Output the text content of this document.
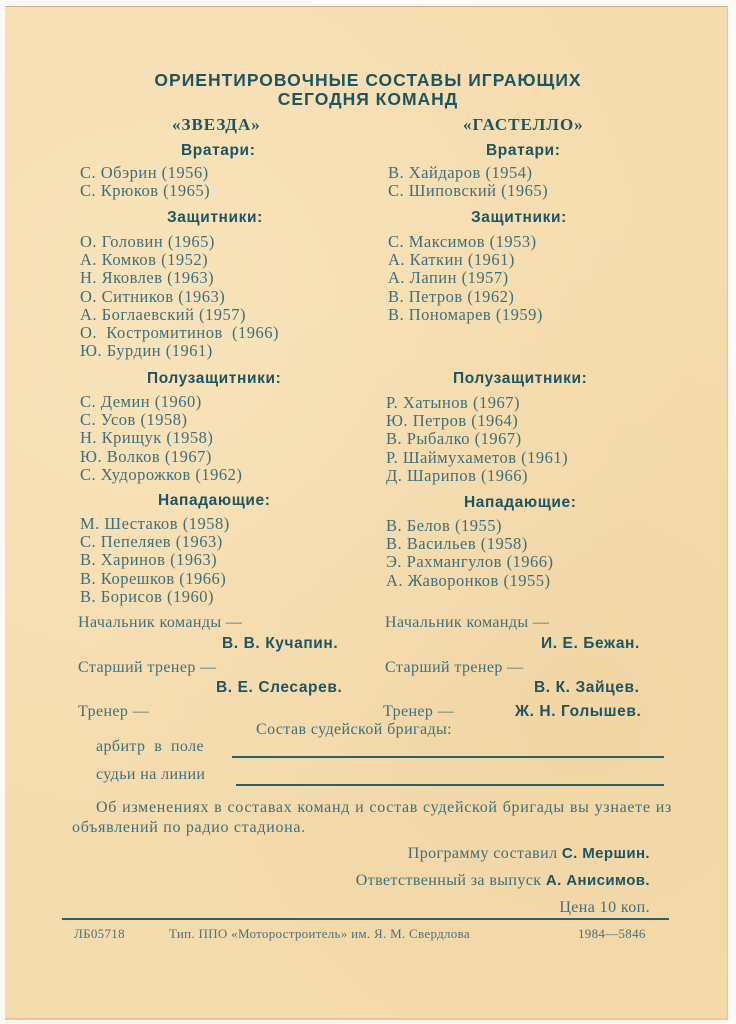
ОРИЕНТИРОВОЧНЫЕ СОСТАВЫ ИГРАЮЩИХ
СЕГОДНЯ КОМАНД
«ЗВЕЗДА»	«ГАСТЕЛЛО»
Вратари:
С. Обэрин (1956)
С. Крюков (1965)
Защитники:
О. Головин (1965)
А. Комков (1952)
Н. Яковлев (1963)
О. Ситников (1963)
А. Боглаевский (1957)
О.  Костромитинов  (1966)
Ю. Бурдин (1961)
Полузащитники:
С. Демин (1960)
С. Усов (1958)
Н. Крищук (1958)
Ю. Волков (1967)
С. Худорожков (1962)
Нападающие:
М. Шестаков (1958)
С. Пепеляев (1963)
В. Харинов (1963)
В. Корешков (1966)
В. Борисов (1960)
Начальник команды —
В. В. Кучапин.
Старший тренер —
В. Е. Слесарев.
Тренер —
Вратари:
В. Хайдаров (1954)
С. Шиповский (1965)
Защитники:
С. Максимов (1953)
А. Каткин (1961)
А. Лапин (1957)
В. Петров (1962)
В. Пономарев (1959)
Полузащитники:
Р. Хатынов (1967)
Ю. Петров (1964)
В. Рыбалко (1967)
Р. Шаймухаметов (1961)
Д. Шарипов (1966)
Нападающие:
В. Белов (1955)
В. Васильев (1958)
Э. Рахмангулов (1966)
А. Жаворонков (1955)
Начальник команды —
И. Е. Бежан.
Старший тренер —
В. К. Зайцев.
Тренер —	Ж. Н. Голышев.
Состав судейской бригады:
арбитр  в  поле
судьи на линии
Об изменениях в составах команд и состав судейской бригады вы узнаете из объявлений по радио стадиона.
Программу составил С. Мершин.
Ответственный за выпуск А. Анисимов.
Цена 10 коп.
ЛБ05718	Тип. ППО «Моторостроитель» им. Я. М. Свердлова	1984—5846
